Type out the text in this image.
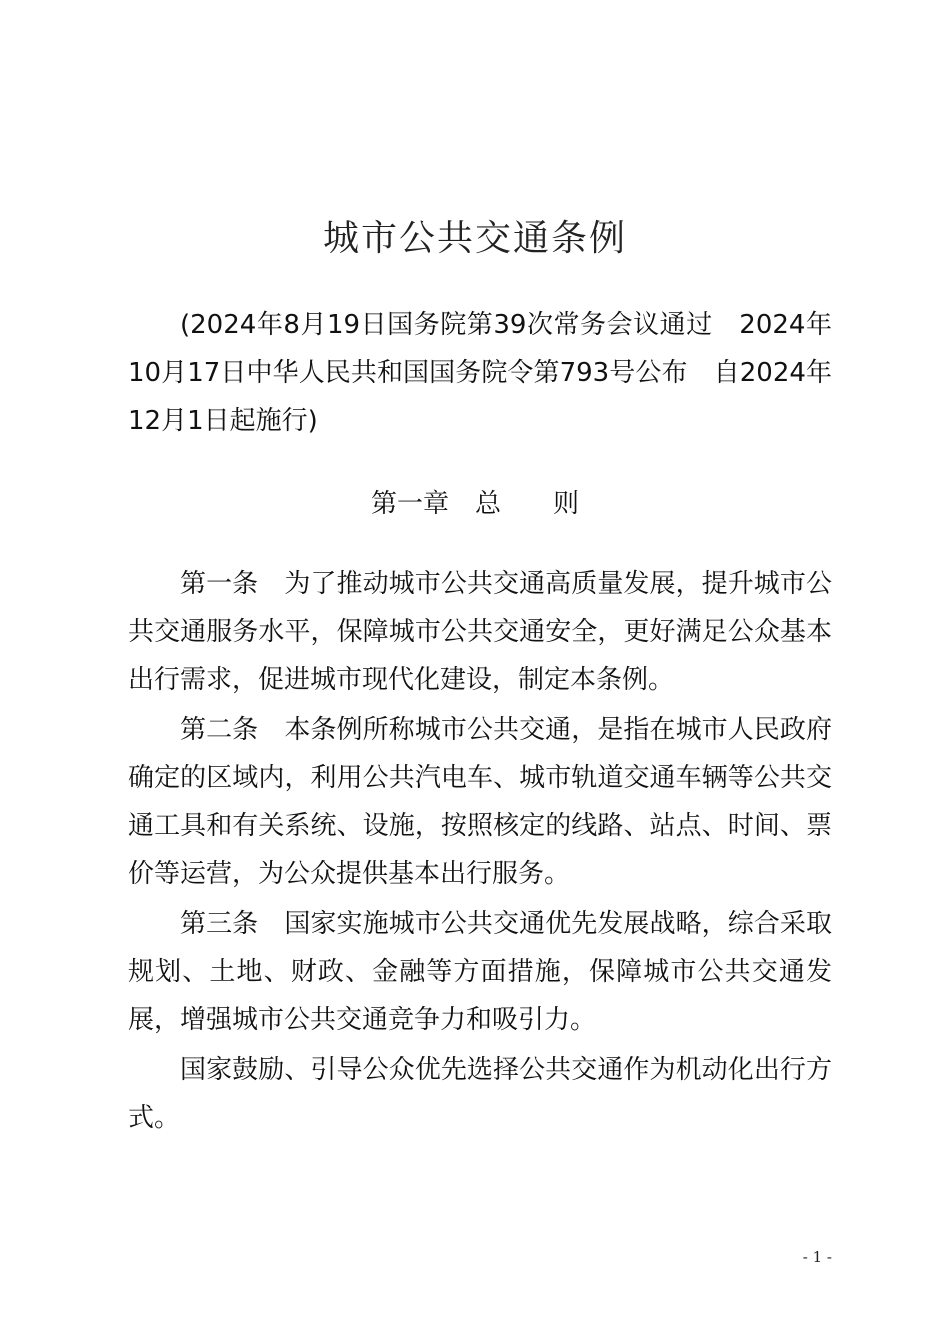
城市公共交通条例

(2024年8月19日国务院第39次常务会议通过　2024年10月17日中华人民共和国国务院令第793号公布　自2024年12月1日起施行)

第一章 总 则

第一条 为了推动城市公共交通高质量发展，提升城市公共交通服务水平，保障城市公共交通安全，更好满足公众基本出行需求，促进城市现代化建设，制定本条例。

第二条 本条例所称城市公共交通，是指在城市人民政府确定的区域内，利用公共汽电车、城市轨道交通车辆等公共交通工具和有关系统、设施，按照核定的线路、站点、时间、票价等运营，为公众提供基本出行服务。

第三条 国家实施城市公共交通优先发展战略，综合采取规划、土地、财政、金融等方面措施，保障城市公共交通发展，增强城市公共交通竞争力和吸引力。

国家鼓励、引导公众优先选择公共交通作为机动化出行方式。

- 1 -
